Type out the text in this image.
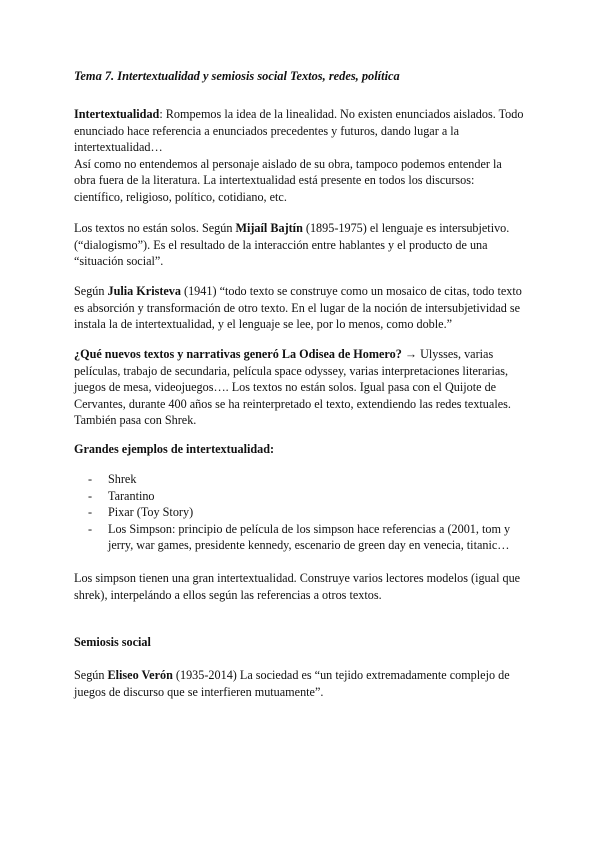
Tema 7. Intertextualidad y semiosis social Textos, redes, política

Intertextualidad: Rompemos la idea de la linealidad. No existen enunciados aislados. Todo enunciado hace referencia a enunciados precedentes y futuros, dando lugar a la intertextualidad…

Así como no entendemos al personaje aislado de su obra, tampoco podemos entender la obra fuera de la literatura. La intertextualidad está presente en todos los discursos: científico, religioso, político, cotidiano, etc.

Los textos no están solos. Según Mijaíl Bajtín (1895-1975) el lenguaje es intersubjetivo. (“dialogismo”). Es el resultado de la interacción entre hablantes y el producto de una “situación social”.

Según Julia Kristeva (1941) “todo texto se construye como un mosaico de citas, todo texto es absorción y transformación de otro texto. En el lugar de la noción de intersubjetividad se instala la de intertextualidad, y el lenguaje se lee, por lo menos, como doble.”

¿Qué nuevos textos y narrativas generó La Odisea de Homero? → Ulysses, varias películas, trabajo de secundaria, película space odyssey, varias interpretaciones literarias, juegos de mesa, videojuegos…. Los textos no están solos. Igual pasa con el Quijote de Cervantes, durante 400 años se ha reinterpretado el texto, extendiendo las redes textuales. También pasa con Shrek.

Grandes ejemplos de intertextualidad:

-	Shrek
-	Tarantino
-	Pixar (Toy Story)
-	Los Simpson: principio de película de los simpson hace referencias a (2001, tom y jerry, war games, presidente kennedy, escenario de green day en venecia, titanic…

Los simpson tienen una gran intertextualidad. Construye varios lectores modelos (igual que shrek), interpelándo a ellos según las referencias a otros textos.

Semiosis social

Según Eliseo Verón (1935-2014) La sociedad es “un tejido extremadamente complejo de juegos de discurso que se interfieren mutuamente”.
